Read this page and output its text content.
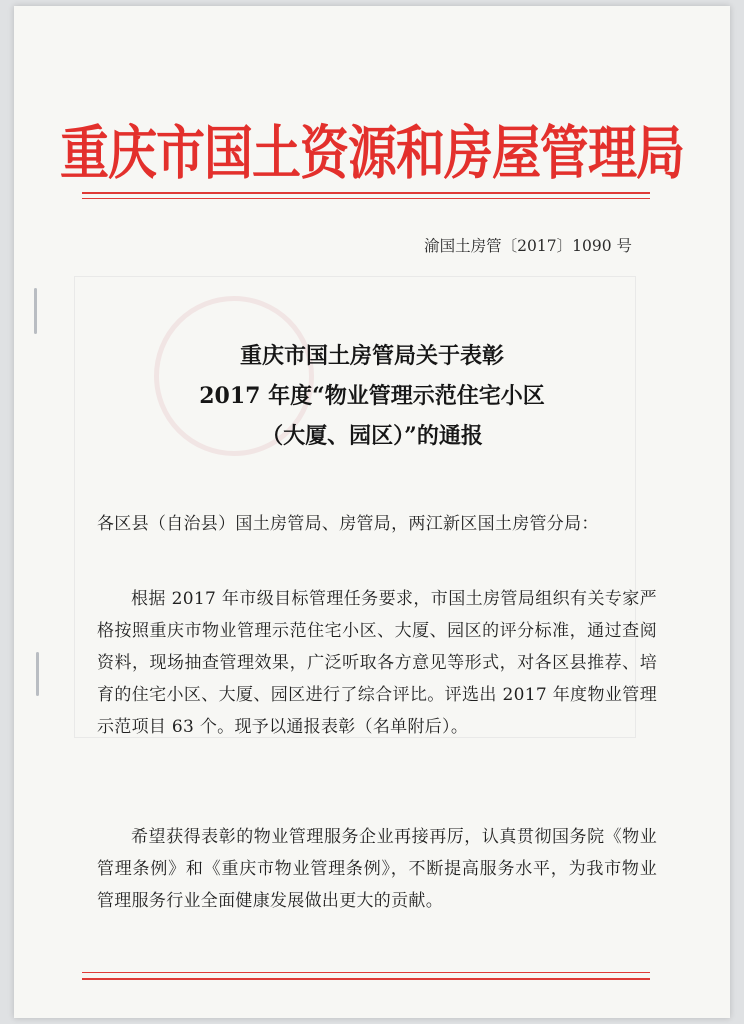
重庆市国土资源和房屋管理局
渝国土房管〔2017〕1090 号
重庆市国土房管局关于表彰
2017 年度“物业管理示范住宅小区
（大厦、园区）”的通报
各区县（自治县）国土房管局、房管局，两江新区国土房管分局：
根据 2017 年市级目标管理任务要求，市国土房管局组织有关专家严格按照重庆市物业管理示范住宅小区、大厦、园区的评分标准，通过查阅资料，现场抽查管理效果，广泛听取各方意见等形式，对各区县推荐、培育的住宅小区、大厦、园区进行了综合评比。评选出 2017 年度物业管理示范项目 63 个。现予以通报表彰（名单附后）。
希望获得表彰的物业管理服务企业再接再厉，认真贯彻国务院《物业管理条例》和《重庆市物业管理条例》，不断提高服务水平，为我市物业管理服务行业全面健康发展做出更大的贡献。
